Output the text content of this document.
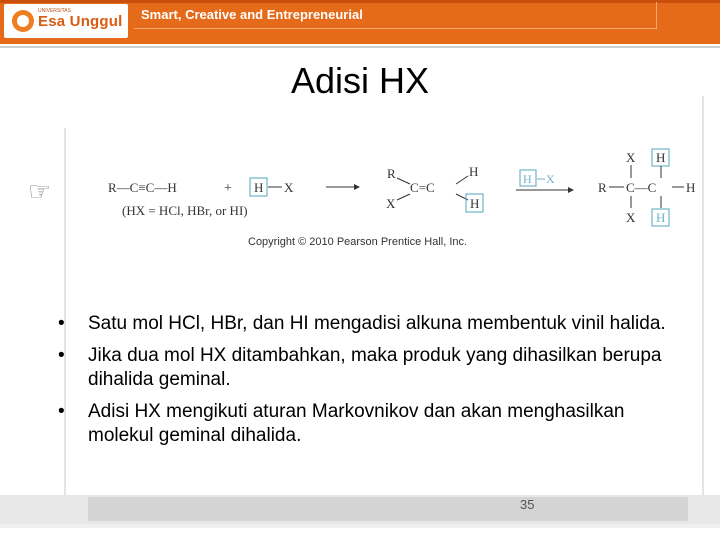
UNIVERSITAS
Esa Unggul Smart, Creative and Entrepreneurial
Adisi HX
☞	R—C≡C—H	+ H X
(HX = HCl, HBr, or HI)
R	H
C=C
X	H
H X
R C—C H
X H
X H
Copyright © 2010 Pearson Prentice Hall, Inc.
• Satu mol HCl, HBr, dan HI mengadisi alkuna membentuk vinil halida.
• Jika dua mol HX ditambahkan, maka produk yang dihasilkan berupa dihalida geminal.
• Adisi HX mengikuti aturan Markovnikov dan akan menghasilkan molekul geminal dihalida.
35
